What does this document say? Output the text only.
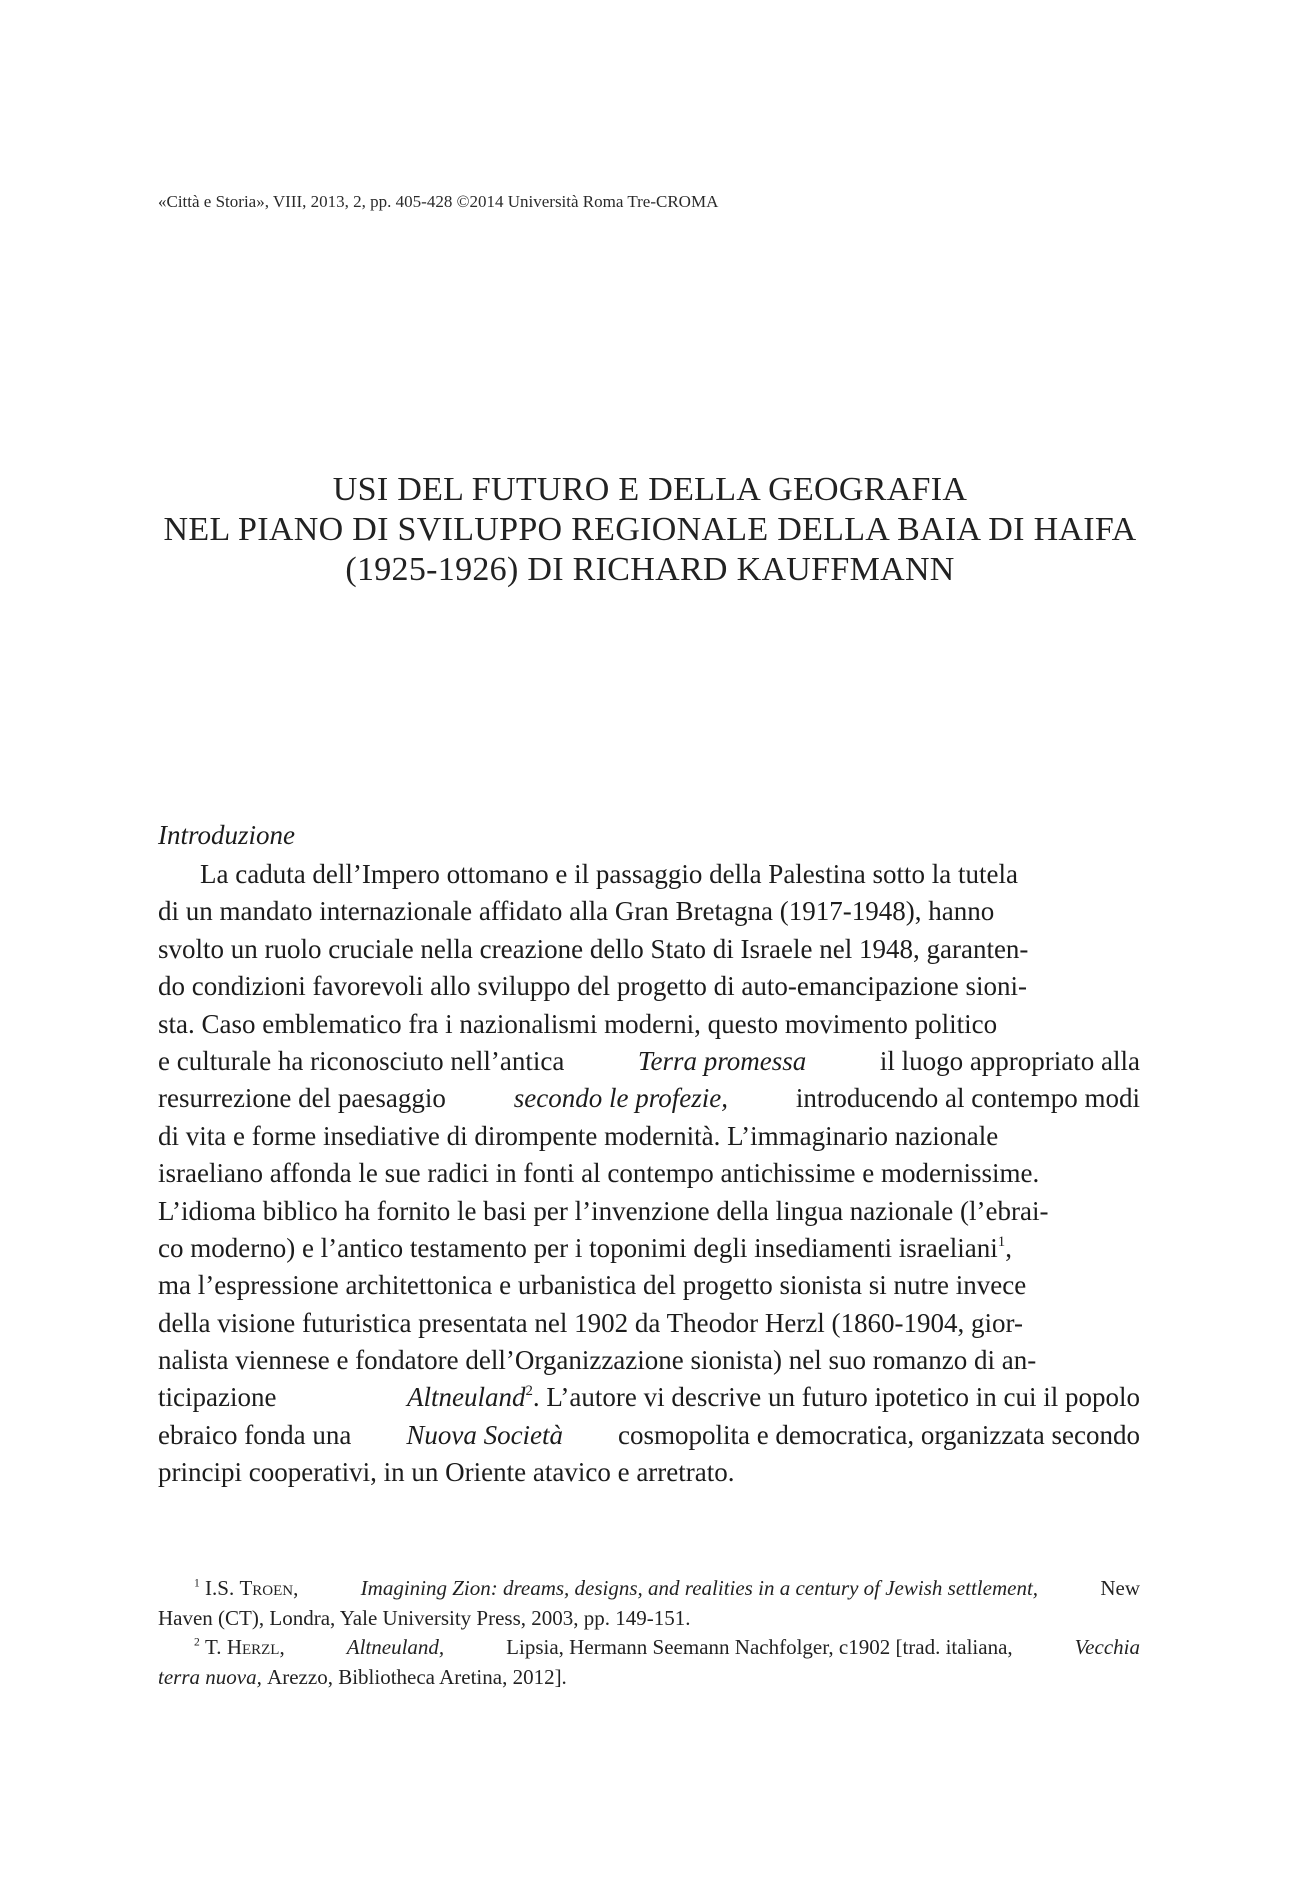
«Città e Storia», VIII, 2013, 2, pp. 405-428 ©2014 Università Roma Tre-CROMA
USI DEL FUTURO E DELLA GEOGRAFIA
NEL PIANO DI SVILUPPO REGIONALE DELLA BAIA DI HAIFA
(1925-1926) DI RICHARD KAUFFMANN
Introduzione
La caduta dell’Impero ottomano e il passaggio della Palestina sotto la tutela
di un mandato internazionale affidato alla Gran Bretagna (1917-1948), hanno
svolto un ruolo cruciale nella creazione dello Stato di Israele nel 1948, garanten-
do condizioni favorevoli allo sviluppo del progetto di auto-emancipazione sioni-
sta. Caso emblematico fra i nazionalismi moderni, questo movimento politico
e culturale ha riconosciuto nell’antica	Terra promessa	il luogo appropriato alla
resurrezione del paesaggio	secondo le profezie,	introducendo al contempo modi
di vita e forme insediative di dirompente modernità. L’immaginario nazionale
israeliano affonda le sue radici in fonti al contempo antichissime e modernissime.
L’idioma biblico ha fornito le basi per l’invenzione della lingua nazionale (l’ebrai-
co moderno) e l’antico testamento per i toponimi degli insediamenti israeliani$^1$,
ma l’espressione architettonica e urbanistica del progetto sionista si nutre invece
della visione futuristica presentata nel 1902 da Theodor Herzl (1860-1904, gior-
nalista viennese e fondatore dell’Organizzazione sionista) nel suo romanzo di an-
ticipazione	Altneuland$^2$. L’autore vi descrive un futuro ipotetico in cui il popolo
ebraico fonda una Nuova Società cosmopolita e democratica, organizzata secondo
principi cooperativi, in un Oriente atavico e arretrato.
$^1$ I.S. Troen,	Imagining Zion: dreams, designs, and realities in a century of Jewish settlement,	New
Haven (CT), Londra, Yale University Press, 2003, pp. 149-151.
$^2$ T. Herzl,	Altneuland,	Lipsia, Hermann Seemann Nachfolger, c1902 [trad. italiana,	Vecchia
terra nuova, Arezzo, Bibliotheca Aretina, 2012].
